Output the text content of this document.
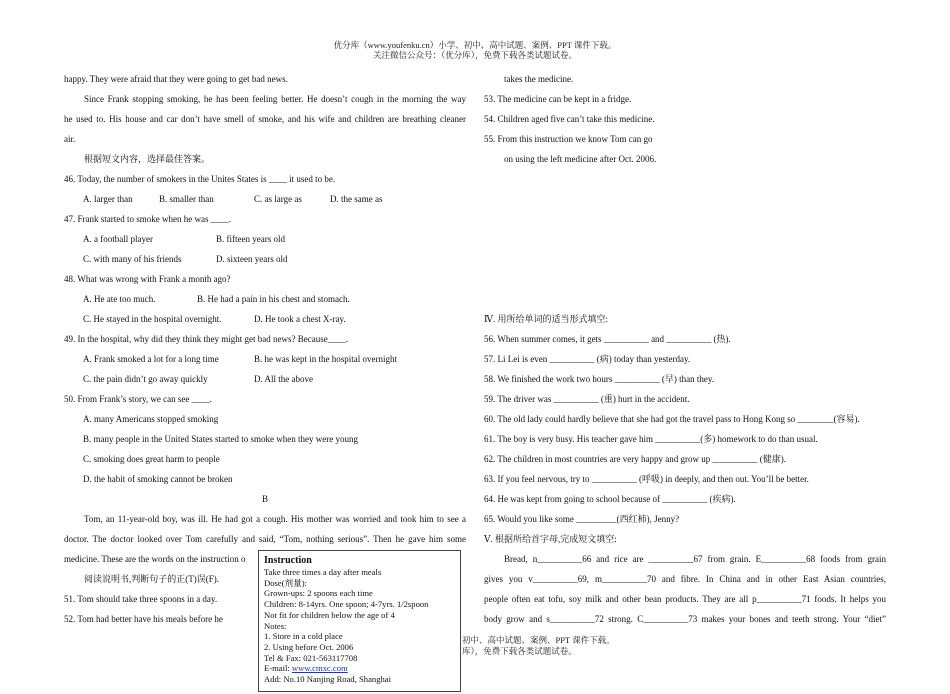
优分库（www.youfenku.cn）小学、初中、高中试题、案例、PPT 课件下载。
关注微信公众号：（优分库），免费下载各类试题试卷。
happy. They were afraid that they were going to get bad news.
Since Frank stopping smoking, he has been feeling better. He doesn’t cough in the morning the way
he used to. His house and car don’t have smell of smoke, and his wife and children are breathing cleaner
air.
根据短文内容，选择最佳答案。
46. Today, the number of smokers in the Unites States is ____ it used to be.
A. larger than	B. smaller than	C. as large as	D. the same as
47. Frank started to smoke when he was ____.
A. a football player	B. fifteen years old
C. with many of his friends	D. sixteen years old
48. What was wrong with Frank a month ago?
A. He ate too much.	B. He had a pain in his chest and stomach.
C. He stayed in the hospital overnight.	D. He took a chest X-ray.
49. In the hospital, why did they think they might get bad news? Because____.
A. Frank smoked a lot for a long time	B. he was kept in the hospital overnight
C. the pain didn’t go away quickly	D. All the above
50. From Frank’s story, we can see ____.
A. many Americans stopped smoking
B. many people in the United States started to smoke when they were young
C. smoking does great harm to people
D. the habit of smoking cannot be broken
B
Tom, an 11-year-old boy, was ill. He had got a cough. His mother was worried and took him to see a
doctor. The doctor looked over Tom carefully and said, “Tom, nothing serious”. Then he gave him some
medicine. These are the words on the instruction o
阅读说明书,判断句子的正(T)误(F).
51. Tom should take three spoons in a day.
52. Tom had better have his meals before he
takes the medicine.
53. The medicine can be kept in a fridge.
54. Children aged five can’t take this medicine.
55. From this instruction we know Tom can go
on using the left medicine after Oct. 2006.
Ⅳ. 用所给单词的适当形式填空:
56. When summer comes, it gets __________ and __________ (热).
57. Li Lei is even __________ (病) today than yesterday.
58. We finished the work two hours __________ (早) than they.
59. The driver was __________ (重) hurt in the accident.
60. The old lady could hardly believe that she had got the travel pass to Hong Kong so ________(容易).
61. The boy is very busy. His teacher gave him __________(多) homework to do than usual.
62. The children in most countries are very happy and grow up __________ (健康).
63. If you feel nervous, try to __________ (呼吸) in deeply, and then out. You’ll be better.
64. He was kept from going to school because of __________ (疾病).
65. Would you like some _________(西红柿), Jenny?
Ⅴ. 根据所给首字母,完成短文填空:
Bread, n__________66 and rice are __________67 from grain. E__________68 foods from grain
gives you v__________69, m__________70 and fibre. In China and in other East Asian countries,
people often eat tofu, soy milk and other bean products. They are all p__________71 foods. It helps you
body grow and s__________72 strong. C__________73 makes your bones and teeth strong. Your “diet”
初中、高中试题、案例、PPT 课件下载。
库），免费下载各类试题试卷。
Instruction
Take three times a day after meals
Dose(剂量):
Grown-ups: 2 spoons each time
Children: 8-14yrs. One spoon; 4-7yrs. 1/2spoon
Not fit for children below the age of 4
Notes:
1. Store in a cold place
2. Using before Oct. 2006
Tel & Fax: 021-563117708
E-mail: www.cmxc.com
Add: No.10 Nanjing Road, Shanghai
